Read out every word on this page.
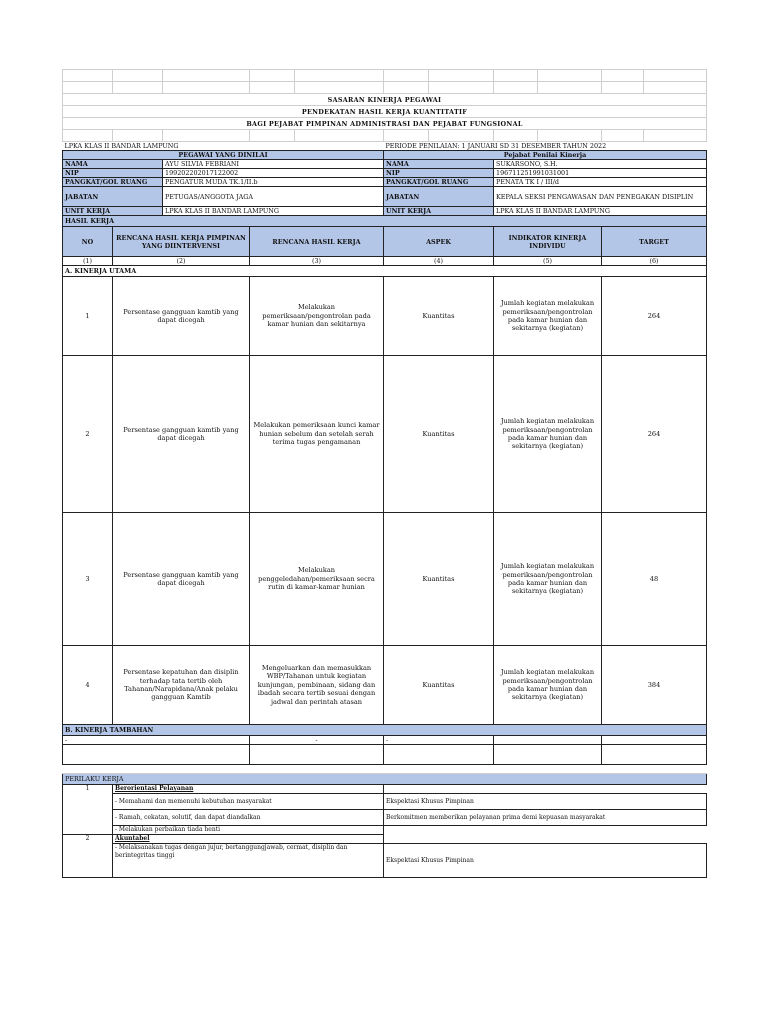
SASARAN KINERJA PEGAWAI										
PENDEKATAN HASIL KERJA KUANTITATIF										
BAGI PEJABAT PIMPINAN ADMINISTRASI DAN PEJABAT FUNGSIONAL										

LPKA KLAS II BANDAR LAMPUNG					PERIODE PENILAIAN: 1 JANUARI SD 31 DESEMBER TAHUN 2022					
PEGAWAI YANG DINILAI					Pejabat Penilai Kinerja					
NAMA		AYU SILVIA FEBRIANI			NAMA		SUKARSONO, S.H.			
NIP		199202202017122002			NIP		196711251991031001			
PANGKAT/GOL RUANG		PENGATUR MUDA TK.1/II.b			PANGKAT/GOL RUANG		PENATA TK I / III/d			
JABATAN		PETUGAS/ANGGOTA JAGA			JABATAN		KEPALA SEKSI PENGAWASAN DAN PENEGAKAN DISIPLIN			
UNIT KERJA		LPKA KLAS II BANDAR LAMPUNG			UNIT KERJA		LPKA KLAS II BANDAR LAMPUNG			
HASIL KERJA										
NO	RENCANA HASIL KERJA PIMPINAN YANG DIINTERVENSI		RENCANA HASIL KERJA		ASPEK		INDIKATOR KINERJA INDIVIDU		TARGET	
(1)	(2)		(3)		(4)		(5)		(6)	
A. KINERJA UTAMA										
1	Persentase gangguan kamtib yang dapat dicegah		Melakukan pemeriksaan/pengontrolan pada kamar hunian dan sekitarnya		Kuantitas		Jumlah kegiatan melakukan pemeriksaan/pengontrolan pada kamar hunian dan sekitarnya (kegiatan)		264	
2	Persentase gangguan kamtib yang dapat dicegah		Melakukan pemeriksaan kunci kamar hunian sebelum dan setelah serah terima tugas pengamanan		Kuantitas		Jumlah kegiatan melakukan pemeriksaan/pengontrolan pada kamar hunian dan sekitarnya (kegiatan)		264	
3	Persentase gangguan kamtib yang dapat dicegah		Melakukan penggeledahan/pemeriksaan secra rutin di kamar-kamar hunian		Kuantitas		Jumlah kegiatan melakukan pemeriksaan/pengontrolan pada kamar hunian dan sekitarnya (kegiatan)		48	
4	Persentase kepatuhan dan disiplin terhadap tata tertib oleh Tahanan/Narapidana/Anak pelaku gangguan Kamtib		Mengeluarkan dan memasukkan WBP/Tahanan untuk kegiatan kunjungan, pembinaan, sidang dan ibadah secara tertib sesuai dengan jadwal dan perintah atasan		Kuantitas		Jumlah kegiatan melakukan pemeriksaan/pengontrolan pada kamar hunian dan sekitarnya (kegiatan)		384	
B. KINERJA TAMBAHAN										
-			-		-					

PERILAKU KERJA										
1	Berorientasi Pelayanan									
	- Memahami dan memenuhi kebutuhan masyarakat				Ekspektasi Khusus Pimpinan					
	- Ramah, cekatan, solutif, dan dapat diandalkan				Berkomitmen memberikan pelayanan prima demi kepuasan masyarakat					
	- Melakukan perbaikan tiada henti									
2	Akuntabel									
	- Melaksanakan tugas dengan jujur, bertanggungjawab, cermat, disiplin dan berintegritas tinggi				Ekspektasi Khusus Pimpinan					
